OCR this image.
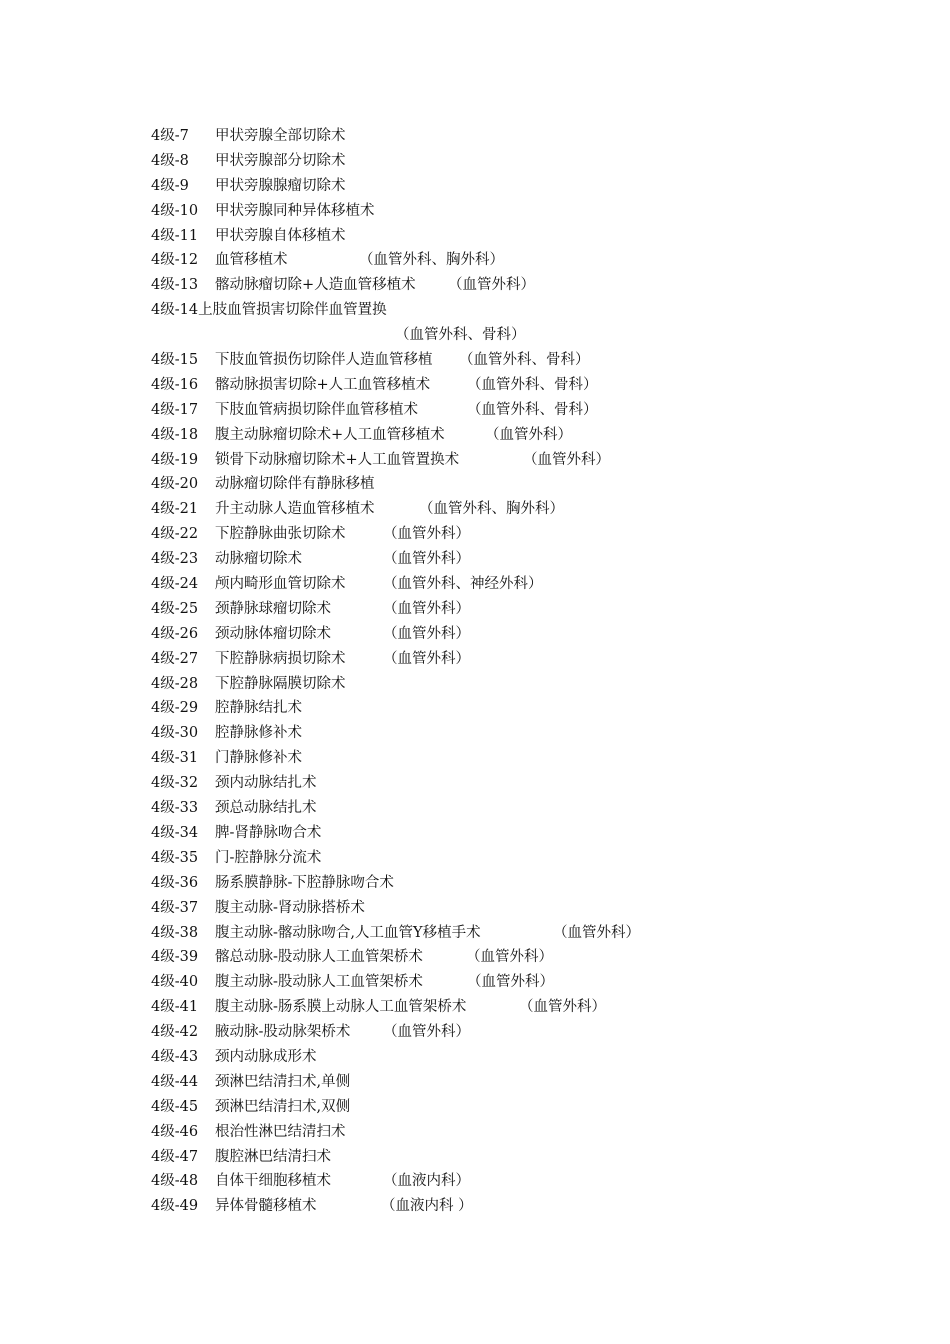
4级-7 甲状旁腺全部切除术
4级-8 甲状旁腺部分切除术
4级-9 甲状旁腺腺瘤切除术
4级-10 甲状旁腺同种异体移植术
4级-11 甲状旁腺自体移植术
4级-12 血管移植术	（血管外科、胸外科）
4级-13 髂动脉瘤切除+人造血管移植术 （血管外科）
4级-14上肢血管损害切除伴血管置换
（血管外科、骨科）
4级-15 下肢血管损伤切除伴人造血管移植 （血管外科、骨科）
4级-16 髂动脉损害切除+人工血管移植术	（血管外科、骨科）
4级-17 下肢血管病损切除伴血管移植术	（血管外科、骨科）
4级-18 腹主动脉瘤切除术+人工血管移植术	（血管外科）
4级-19 锁骨下动脉瘤切除术+人工血管置换术	（血管外科）
4级-20 动脉瘤切除伴有静脉移植
4级-21 升主动脉人造血管移植术	（血管外科、胸外科）
4级-22 下腔静脉曲张切除术	（血管外科）
4级-23 动脉瘤切除术	（血管外科）
4级-24 颅内畸形血管切除术	（血管外科、神经外科）
4级-25 颈静脉球瘤切除术	（血管外科）
4级-26 颈动脉体瘤切除术	（血管外科）
4级-27 下腔静脉病损切除术	（血管外科）
4级-28 下腔静脉隔膜切除术
4级-29 腔静脉结扎术
4级-30 腔静脉修补术
4级-31 门静脉修补术
4级-32 颈内动脉结扎术
4级-33 颈总动脉结扎术
4级-34 脾-肾静脉吻合术
4级-35 门-腔静脉分流术
4级-36 肠系膜静脉-下腔静脉吻合术
4级-37 腹主动脉-肾动脉搭桥术
4级-38 腹主动脉-髂动脉吻合,人工血管Y移植手术	（血管外科）
4级-39 髂总动脉-股动脉人工血管架桥术	（血管外科）
4级-40 腹主动脉-股动脉人工血管架桥术	（血管外科）
4级-41 腹主动脉-肠系膜上动脉人工血管架桥术	（血管外科）
4级-42 腋动脉-股动脉架桥术 （血管外科）
4级-43 颈内动脉成形术
4级-44 颈淋巴结清扫术,单侧
4级-45 颈淋巴结清扫术,双侧
4级-46 根治性淋巴结清扫术
4级-47 腹腔淋巴结清扫术
4级-48 自体干细胞移植术	（血液内科）
4级-49 异体骨髓移植术	（血液内科 ）
